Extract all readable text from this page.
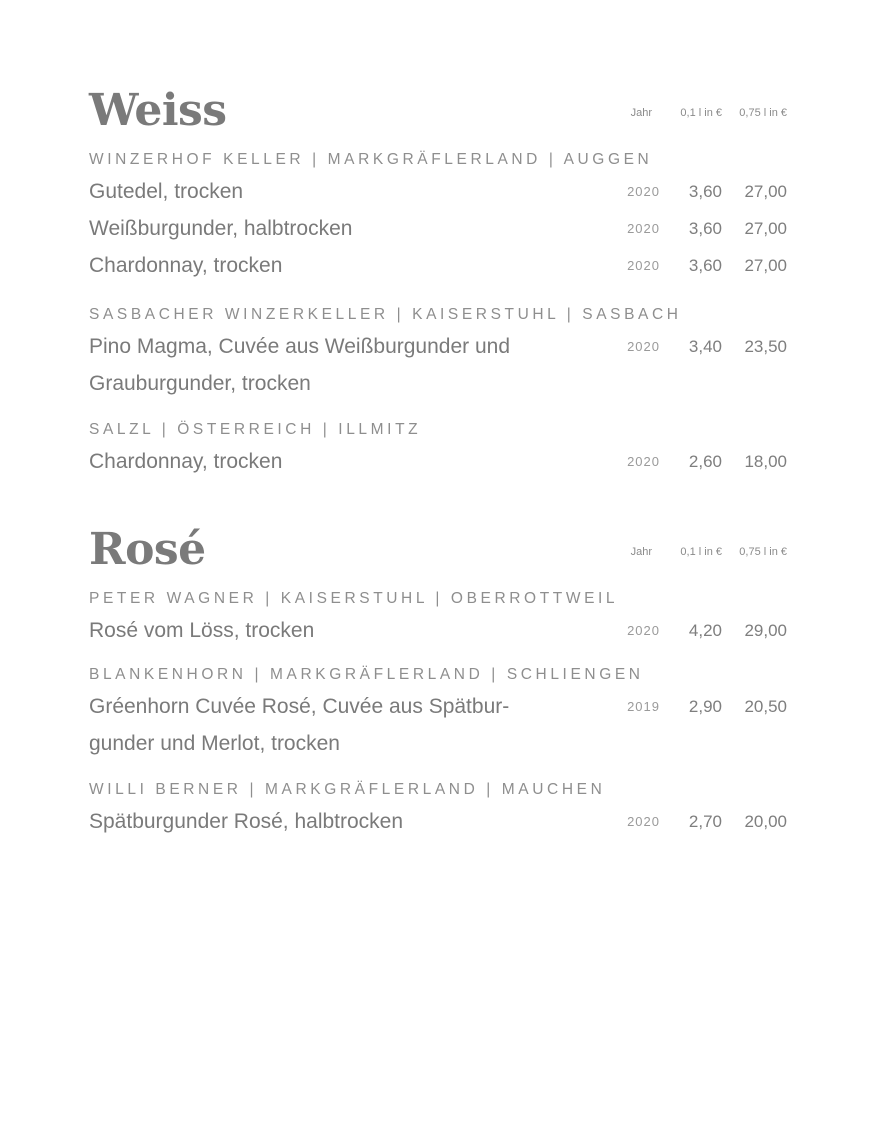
Weiss	Jahr	0,1 l in € 0,75 l in €
WINZERHOF KELLER | MARKGRÄFLERLAND | AUGGEN
Gutedel, trocken	2020 3,60 27,00
Weißburgunder, halbtrocken	2020 3,60 27,00
Chardonnay, trocken	2020 3,60 27,00
SASBACHER WINZERKELLER | KAISERSTUHL | SASBACH
Pino Magma, Cuvée aus Weißburgunder und Grauburgunder, trocken
2020 3,40 23,50
SALZL | ÖSTERREICH | ILLMITZ
Chardonnay, trocken	2020 2,60 18,00
Rosé	Jahr	0,1 l in € 0,75 l in €
PETER WAGNER | KAISERSTUHL | OBERROTTWEIL
Rosé vom Löss, trocken	2020 4,20 29,00
BLANKENHORN | MARKGRÄFLERLAND | SCHLIENGEN
Gréenhorn Cuvée Rosé, Cuvée aus Spätbur-gunder und Merlot, trocken
2019 2,90 20,50
WILLI BERNER | MARKGRÄFLERLAND | MAUCHEN
Spätburgunder Rosé, halbtrocken	2020 2,70 20,00
